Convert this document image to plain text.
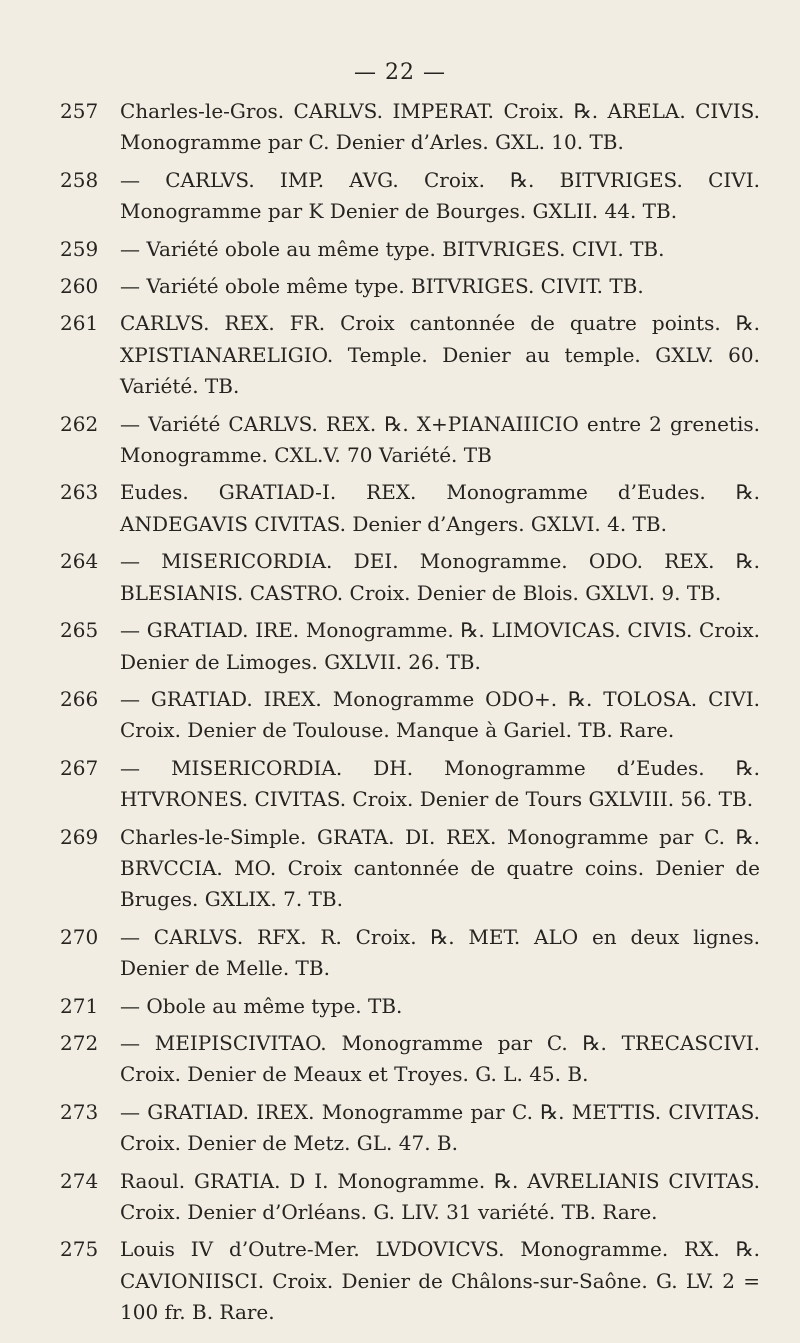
— 22 —
257 Charles-le-Gros. CARLVS. IMPERAT. Croix. ℞. ARELA. CIVIS. Monogramme par C. Denier d’Arles. GXL. 10. TB.
258 — CARLVS. IMP. AVG. Croix. ℞. BITVRIGES. CIVI. Monogramme par K Denier de Bourges. GXLII. 44. TB.
259 — Variété obole au même type. BITVRIGES. CIVI. TB.
260 — Variété obole même type. BITVRIGES. CIVIT. TB.
261 CARLVS. REX. FR. Croix cantonnée de quatre points. ℞. XPISTIANARELIGIO. Temple. Denier au temple. GXLV. 60. Variété. TB.
262 — Variété CARLVS. REX. ℞. X+PIANAIIICIO entre 2 grenetis. Monogramme. CXL.V. 70 Variété. TB
263 Eudes. GRATIAD-I. REX. Monogramme d’Eudes. ℞. ANDEGAVIS CIVITAS. Denier d’Angers. GXLVI. 4. TB.
264 — MISERICORDIA. DEI. Monogramme. ODO. REX. ℞. BLESIANIS. CASTRO. Croix. Denier de Blois. GXLVI. 9. TB.
265 — GRATIAD. IRE. Monogramme. ℞. LIMOVICAS. CIVIS. Croix. Denier de Limoges. GXLVII. 26. TB.
266 — GRATIAD. IREX. Monogramme ODO+. ℞. TOLOSA. CIVI. Croix. Denier de Toulouse. Manque à Gariel. TB. Rare.
267 — MISERICORDIA. DH. Monogramme d’Eudes. ℞. HTVRONES. CIVITAS. Croix. Denier de Tours GXLVIII. 56. TB.
269 Charles-le-Simple. GRATA. DI. REX. Monogramme par C. ℞. BRVCCIA. MO. Croix cantonnée de quatre coins. Denier de Bruges. GXLIX. 7. TB.
270 — CARLVS. RFX. R. Croix. ℞. MET. ALO en deux lignes. Denier de Melle. TB.
271 — Obole au même type. TB.
272 — MEIPISCIVITAO. Monogramme par C. ℞. TRECASCIVI. Croix. Denier de Meaux et Troyes. G. L. 45. B.
273 — GRATIAD. IREX. Monogramme par C. ℞. METTIS. CIVITAS. Croix. Denier de Metz. GL. 47. B.
274 Raoul. GRATIA. D I. Monogramme. ℞. AVRELIANIS CIVITAS. Croix. Denier d’Orléans. G. LIV. 31 variété. TB. Rare.
275 Louis IV d’Outre-Mer. LVDOVICVS. Monogramme. RX. ℞. CAVIONIISCI. Croix. Denier de Châlons-sur-Saône. G. LV. 2 = 100 fr. B. Rare.
